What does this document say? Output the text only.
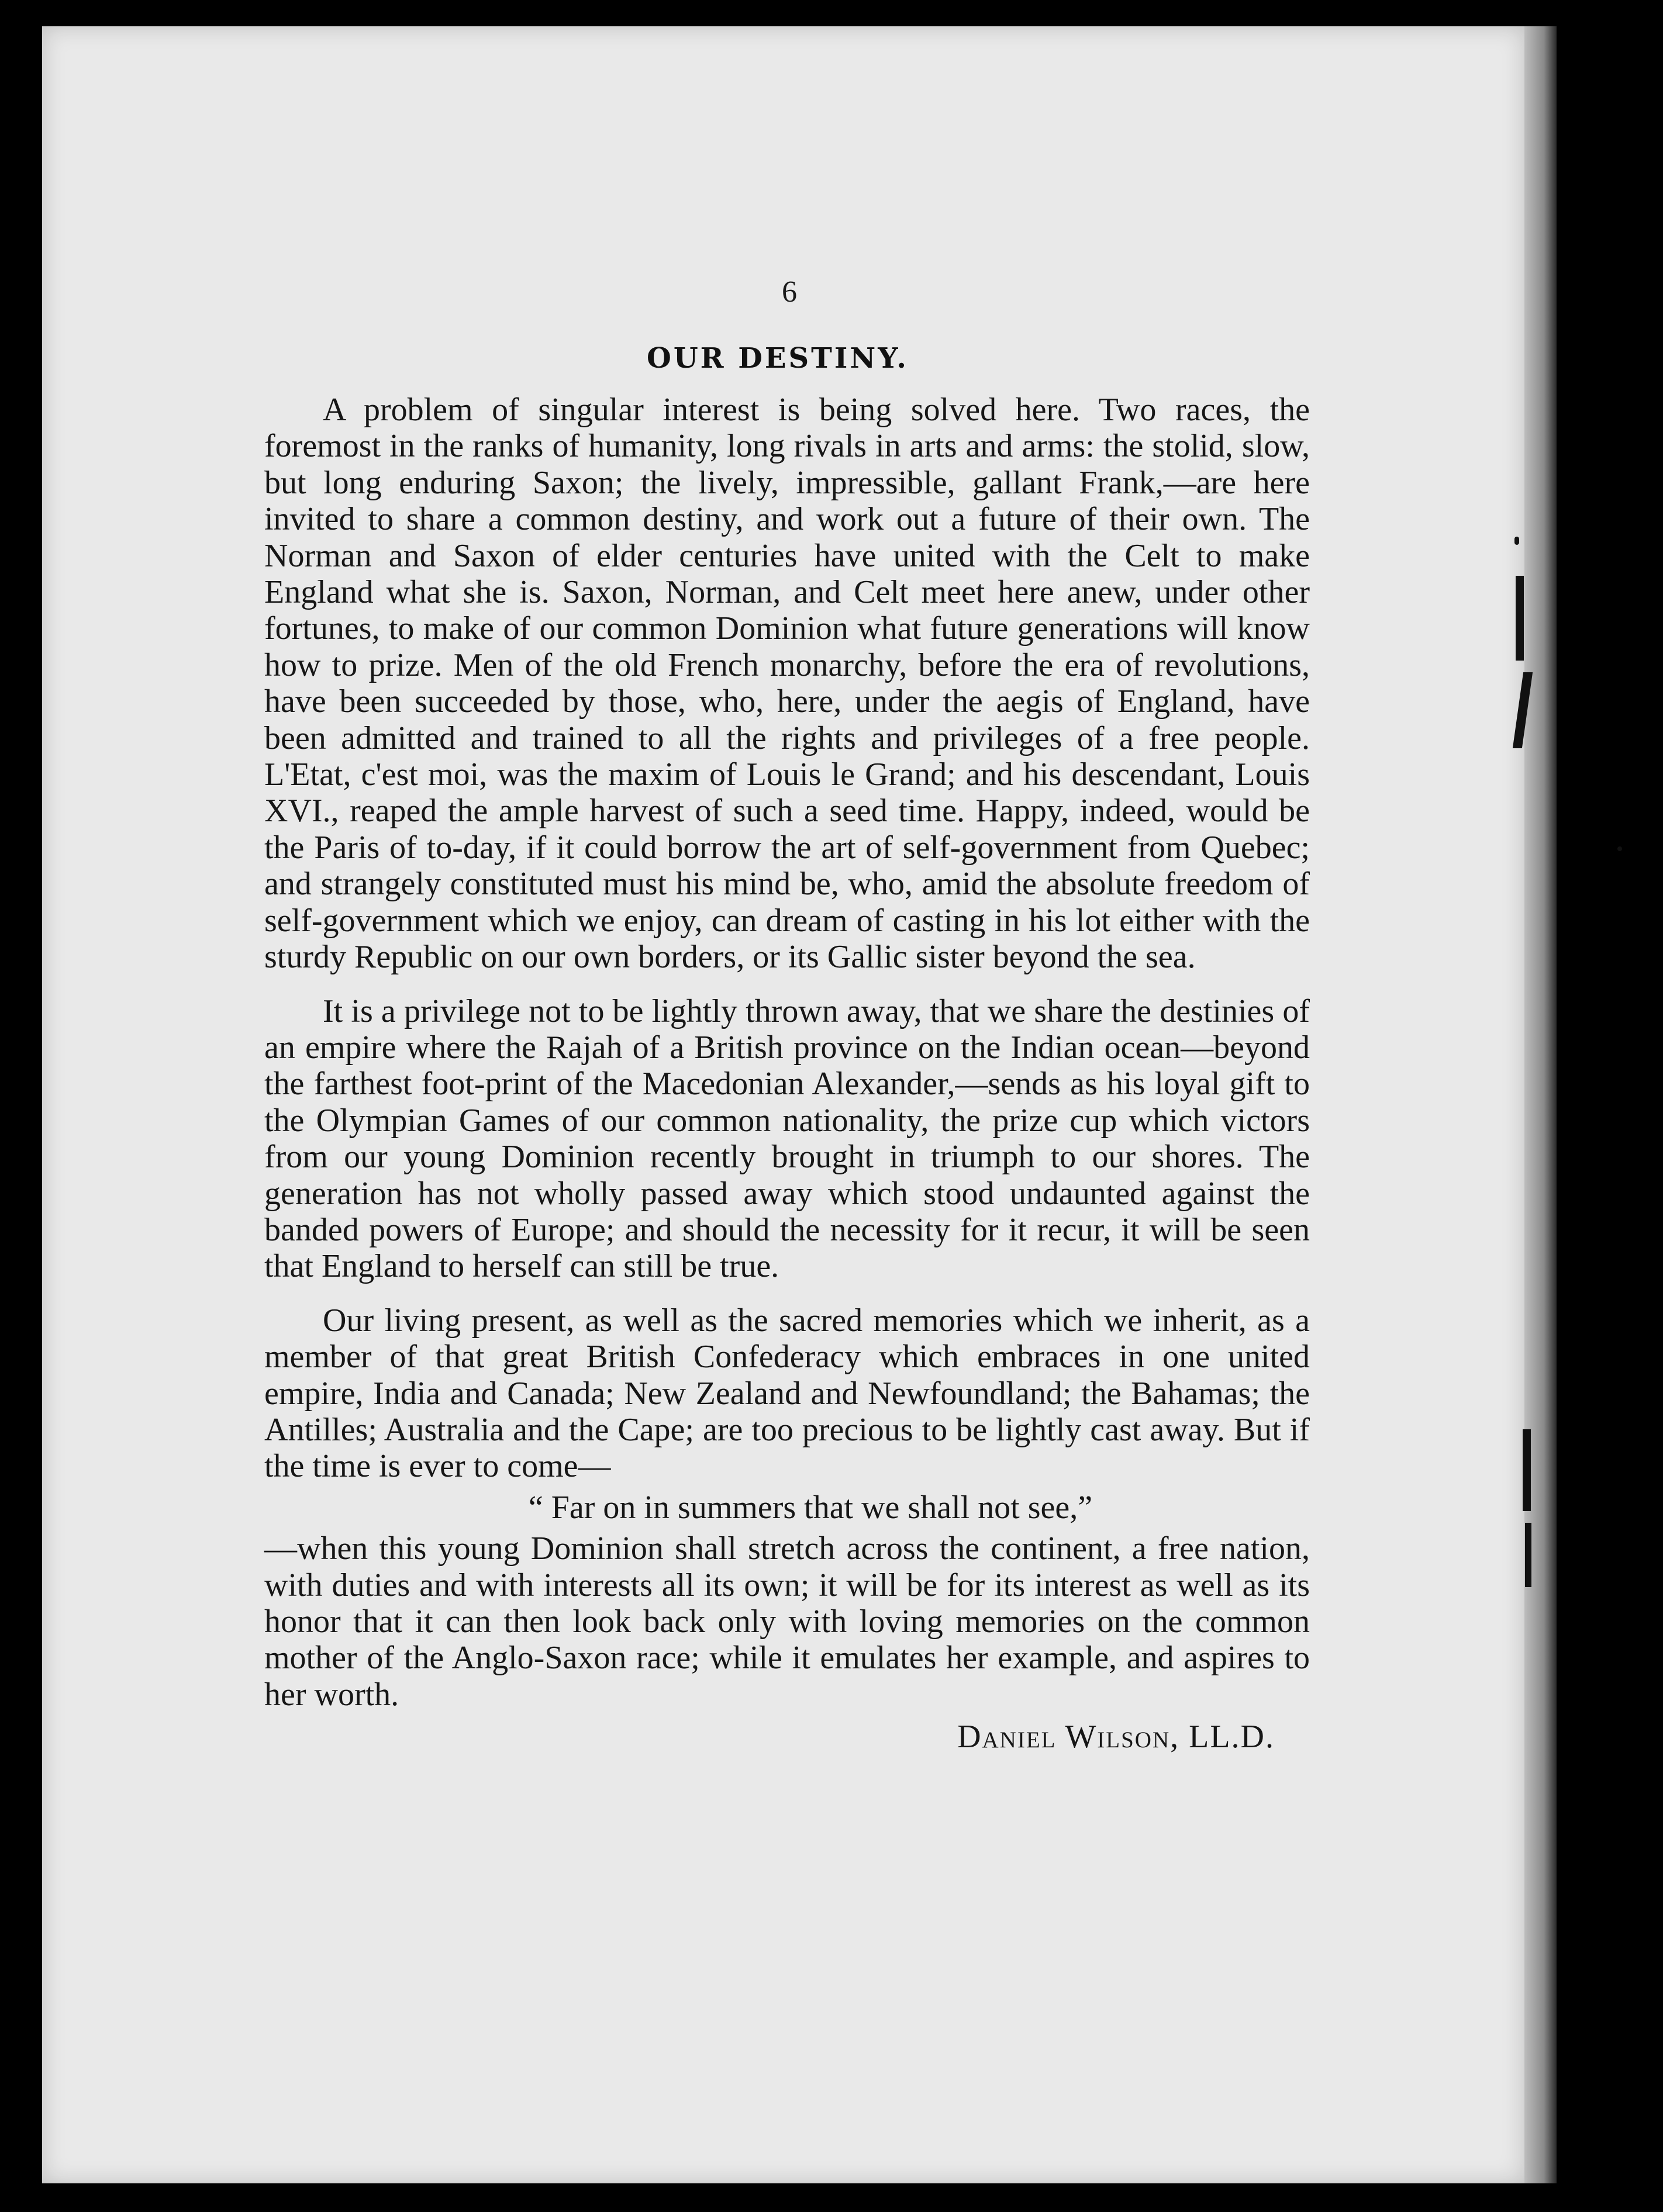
6
OUR DESTINY.

A problem of singular interest is being solved here. Two races, the foremost in the ranks of humanity, long rivals in arts and arms: the stolid, slow, but long enduring Saxon; the lively, impressible, gallant Frank,—are here invited to share a common destiny, and work out a future of their own. The Norman and Saxon of elder centuries have united with the Celt to make England what she is. Saxon, Norman, and Celt meet here anew, under other fortunes, to make of our common Dominion what future generations will know how to prize. Men of the old French monarchy, before the era of revolutions, have been succeeded by those, who, here, under the aegis of England, have been admitted and trained to all the rights and privileges of a free people. L'Etat, c'est moi, was the maxim of Louis le Grand; and his descendant, Louis XVI., reaped the ample harvest of such a seed time. Happy, indeed, would be the Paris of to-day, if it could borrow the art of self-government from Quebec; and strangely constituted must his mind be, who, amid the absolute freedom of self-government which we enjoy, can dream of casting in his lot either with the sturdy Republic on our own borders, or its Gallic sister beyond the sea.

It is a privilege not to be lightly thrown away, that we share the destinies of an empire where the Rajah of a British province on the Indian ocean—beyond the farthest foot-print of the Macedonian Alexander,—sends as his loyal gift to the Olympian Games of our common nationality, the prize cup which victors from our young Dominion recently brought in triumph to our shores. The generation has not wholly passed away which stood undaunted against the banded powers of Europe; and should the necessity for it recur, it will be seen that England to herself can still be true.

Our living present, as well as the sacred memories which we inherit, as a member of that great British Confederacy which embraces in one united empire, India and Canada; New Zealand and Newfoundland; the Bahamas; the Antilles; Australia and the Cape; are too precious to be lightly cast away. But if the time is ever to come—

“ Far on in summers that we shall not see,”

—when this young Dominion shall stretch across the continent, a free nation, with duties and with interests all its own; it will be for its interest as well as its honor that it can then look back only with loving memories on the common mother of the Anglo-Saxon race; while it emulates her example, and aspires to her worth.

Daniel Wilson, LL.D.
